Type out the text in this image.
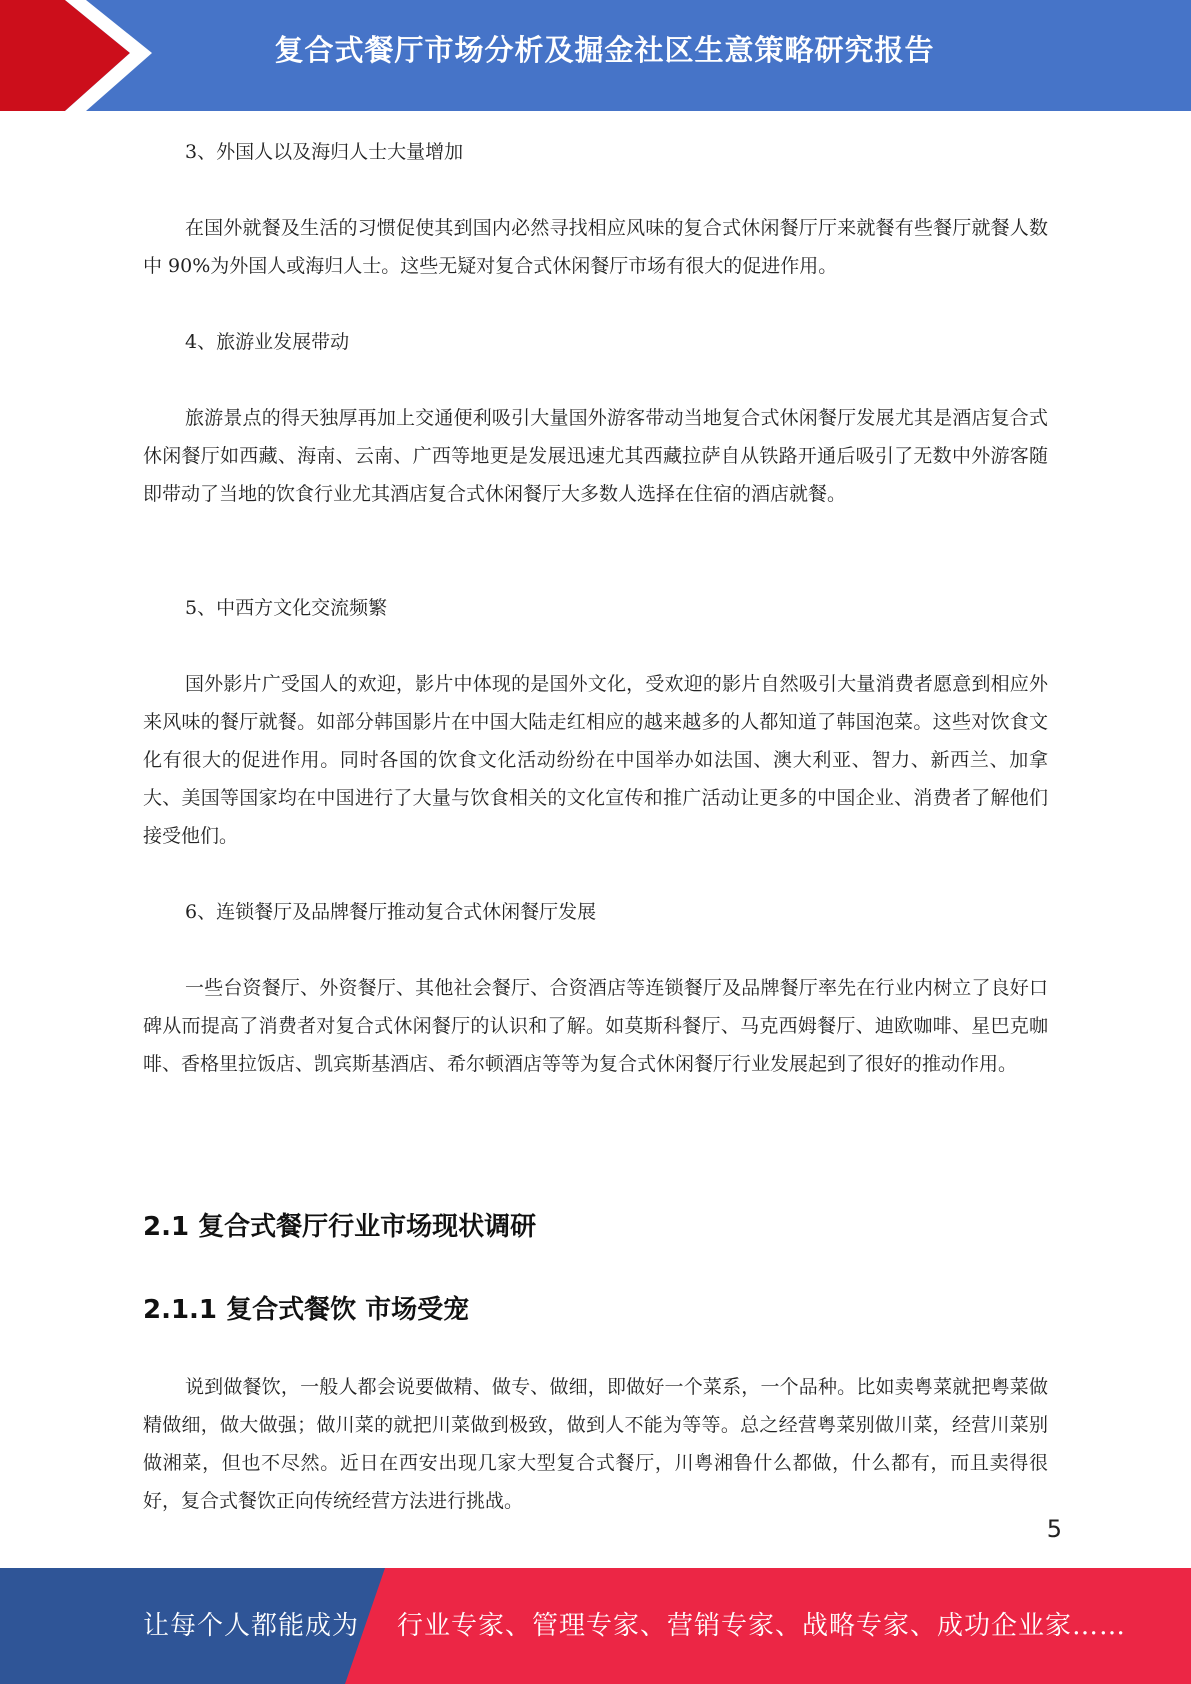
复合式餐厅市场分析及掘金社区生意策略研究报告

3、外国人以及海归人士大量增加

在国外就餐及生活的习惯促使其到国内必然寻找相应风味的复合式休闲餐厅厅来就餐有些餐厅就餐人数中 90%为外国人或海归人士。这些无疑对复合式休闲餐厅市场有很大的促进作用。

4、旅游业发展带动

旅游景点的得天独厚再加上交通便利吸引大量国外游客带动当地复合式休闲餐厅发展尤其是酒店复合式休闲餐厅如西藏、海南、云南、广西等地更是发展迅速尤其西藏拉萨自从铁路开通后吸引了无数中外游客随即带动了当地的饮食行业尤其酒店复合式休闲餐厅大多数人选择在住宿的酒店就餐。

5、中西方文化交流频繁

国外影片广受国人的欢迎，影片中体现的是国外文化，受欢迎的影片自然吸引大量消费者愿意到相应外来风味的餐厅就餐。如部分韩国影片在中国大陆走红相应的越来越多的人都知道了韩国泡菜。这些对饮食文化有很大的促进作用。同时各国的饮食文化活动纷纷在中国举办如法国、澳大利亚、智力、新西兰、加拿大、美国等国家均在中国进行了大量与饮食相关的文化宣传和推广活动让更多的中国企业、消费者了解他们接受他们。

6、连锁餐厅及品牌餐厅推动复合式休闲餐厅发展

一些台资餐厅、外资餐厅、其他社会餐厅、合资酒店等连锁餐厅及品牌餐厅率先在行业内树立了良好口碑从而提高了消费者对复合式休闲餐厅的认识和了解。如莫斯科餐厅、马克西姆餐厅、迪欧咖啡、星巴克咖啡、香格里拉饭店、凯宾斯基酒店、希尔顿酒店等等为复合式休闲餐厅行业发展起到了很好的推动作用。

2.1 复合式餐厅行业市场现状调研
2.1.1 复合式餐饮 市场受宠

说到做餐饮，一般人都会说要做精、做专、做细，即做好一个菜系，一个品种。比如卖粤菜就把粤菜做精做细，做大做强；做川菜的就把川菜做到极致，做到人不能为等等。总之经营粤菜别做川菜，经营川菜别做湘菜，但也不尽然。近日在西安出现几家大型复合式餐厅，川粤湘鲁什么都做，什么都有，而且卖得很好，复合式餐饮正向传统经营方法进行挑战。

5
让每个人都能成为 行业专家、管理专家、营销专家、战略专家、成功企业家……
